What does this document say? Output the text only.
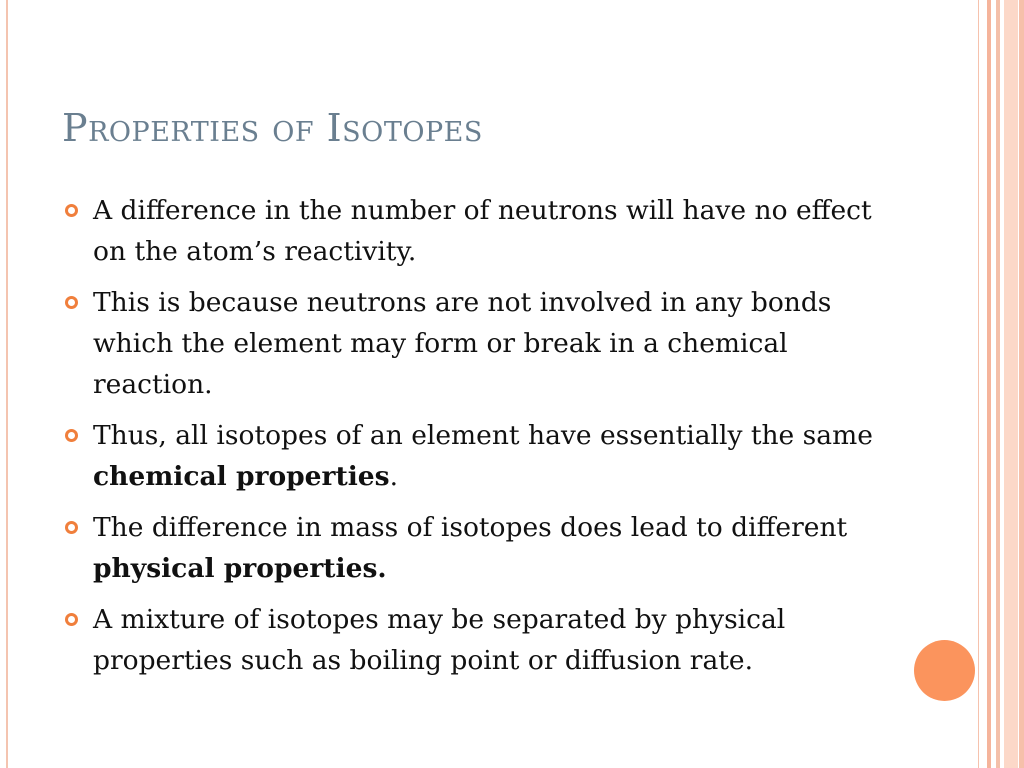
Properties of Isotopes
A difference in the number of neutrons will have no effect on the atom’s reactivity.
This is because neutrons are not involved in any bonds which the element may form or break in a chemical reaction.
Thus, all isotopes of an element have essentially the same chemical properties.
The difference in mass of isotopes does lead to different physical properties.
A mixture of isotopes may be separated by physical properties such as boiling point or diffusion rate.
